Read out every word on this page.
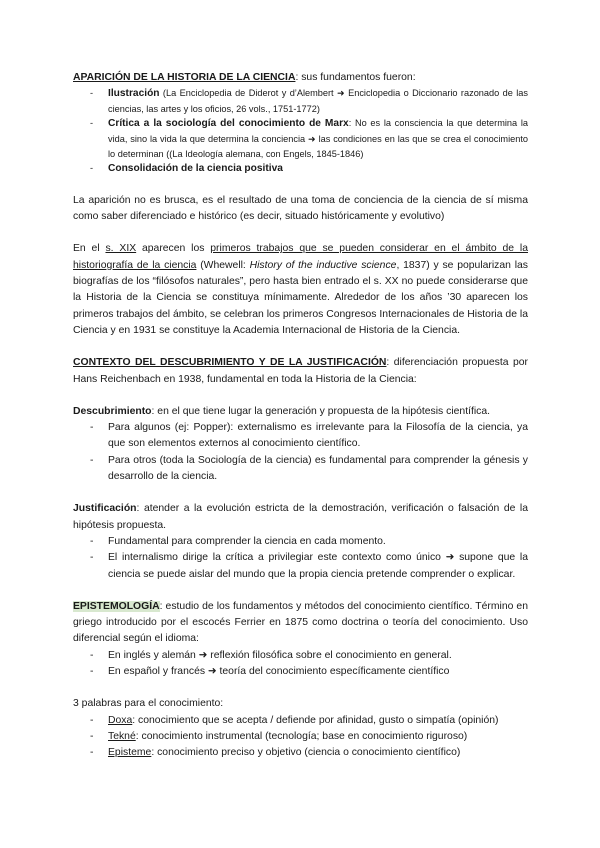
APARICIÓN DE LA HISTORIA DE LA CIENCIA: sus fundamentos fueron:

- Ilustración (La Enciclopedia de Diderot y d’Alembert ➜ Enciclopedia o Diccionario razonado de las ciencias, las artes y los oficios, 26 vols., 1751-1772)
- Crítica a la sociología del conocimiento de Marx: No es la consciencia la que determina la vida, sino la vida la que determina la conciencia ➜ las condiciones en las que se crea el conocimiento lo determinan ((La Ideología alemana, con Engels, 1845-1846)
- Consolidación de la ciencia positiva

La aparición no es brusca, es el resultado de una toma de conciencia de la ciencia de sí misma como saber diferenciado e histórico (es decir, situado históricamente y evolutivo)

En el s. XIX aparecen los primeros trabajos que se pueden considerar en el ámbito de la historiografía de la ciencia (Whewell: History of the inductive science, 1837) y se popularizan las biografías de los “filósofos naturales”, pero hasta bien entrado el s. XX no puede considerarse que la Historia de la Ciencia se constituya mínimamente. Alrededor de los años ’30 aparecen los primeros trabajos del ámbito, se celebran los primeros Congresos Internacionales de Historia de la Ciencia y en 1931 se constituye la Academia Internacional de Historia de la Ciencia.

CONTEXTO DEL DESCUBRIMIENTO Y DE LA JUSTIFICACIÓN: diferenciación propuesta por Hans Reichenbach en 1938, fundamental en toda la Historia de la Ciencia:

Descubrimiento: en el que tiene lugar la generación y propuesta de la hipótesis científica.

- Para algunos (ej: Popper): externalismo es irrelevante para la Filosofía de la ciencia, ya que son elementos externos al conocimiento científico.
- Para otros (toda la Sociología de la ciencia) es fundamental para comprender la génesis y desarrollo de la ciencia.

Justificación: atender a la evolución estricta de la demostración, verificación o falsación de la hipótesis propuesta.

- Fundamental para comprender la ciencia en cada momento.
- El internalismo dirige la crítica a privilegiar este contexto como único ➜ supone que la ciencia se puede aislar del mundo que la propia ciencia pretende comprender o explicar.

EPISTEMOLOGÍA: estudio de los fundamentos y métodos del conocimiento científico. Término en griego introducido por el escocés Ferrier en 1875 como doctrina o teoría del conocimiento. Uso diferencial según el idioma:

- En inglés y alemán ➜ reflexión filosófica sobre el conocimiento en general.
- En español y francés ➜ teoría del conocimiento específicamente científico

3 palabras para el conocimiento:

- Doxa: conocimiento que se acepta / defiende por afinidad, gusto o simpatía (opinión)
- Tekné: conocimiento instrumental (tecnología; base en conocimiento riguroso)
- Episteme: conocimiento preciso y objetivo (ciencia o conocimiento científico)
